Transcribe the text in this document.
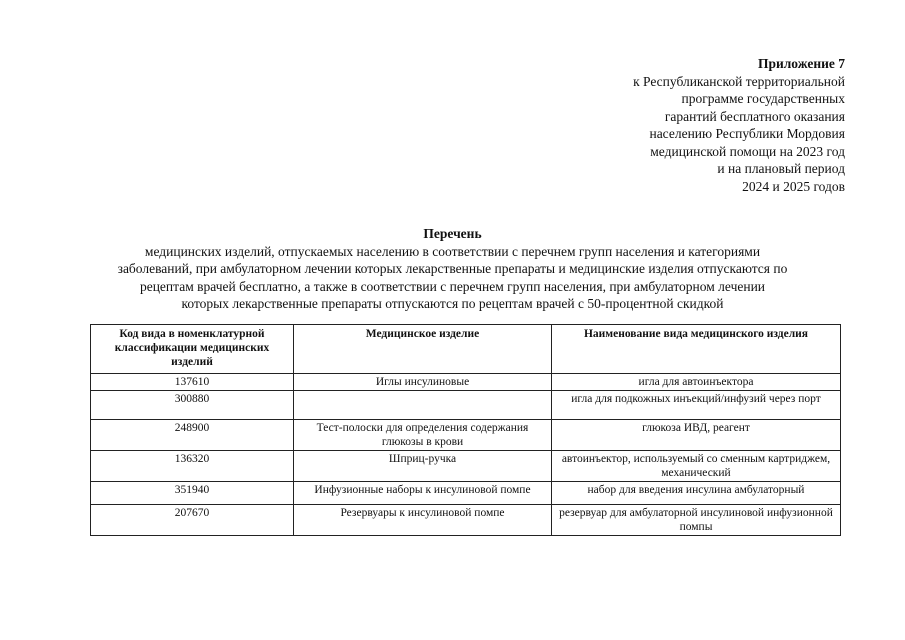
Приложение 7
к Республиканской территориальной
программе государственных
гарантий бесплатного оказания
населению Республики Мордовия
медицинской помощи на 2023 год
и на плановый период
2024 и 2025 годов
Перечень
медицинских изделий, отпускаемых населению в соответствии с перечнем групп населения и категориями
заболеваний, при амбулаторном лечении которых лекарственные препараты и медицинские изделия отпускаются по
рецептам врачей бесплатно, а также в соответствии с перечнем групп населения, при амбулаторном лечении
которых лекарственные препараты отпускаются по рецептам врачей с 50-процентной скидкой
Код вида в номенклатурной классификации медицинских изделий	Медицинское изделие	Наименование вида медицинского изделия
137610	Иглы инсулиновые	игла для автоинъектора
300880		игла для подкожных инъекций/инфузий через порт
248900	Тест-полоски для определения содержания глюкозы в крови	глюкоза ИВД, реагент
136320	Шприц-ручка	автоинъектор, используемый со сменным картриджем, механический
351940	Инфузионные наборы к инсулиновой помпе	набор для введения инсулина амбулаторный
207670	Резервуары к инсулиновой помпе	резервуар для амбулаторной инсулиновой инфузионной помпы
